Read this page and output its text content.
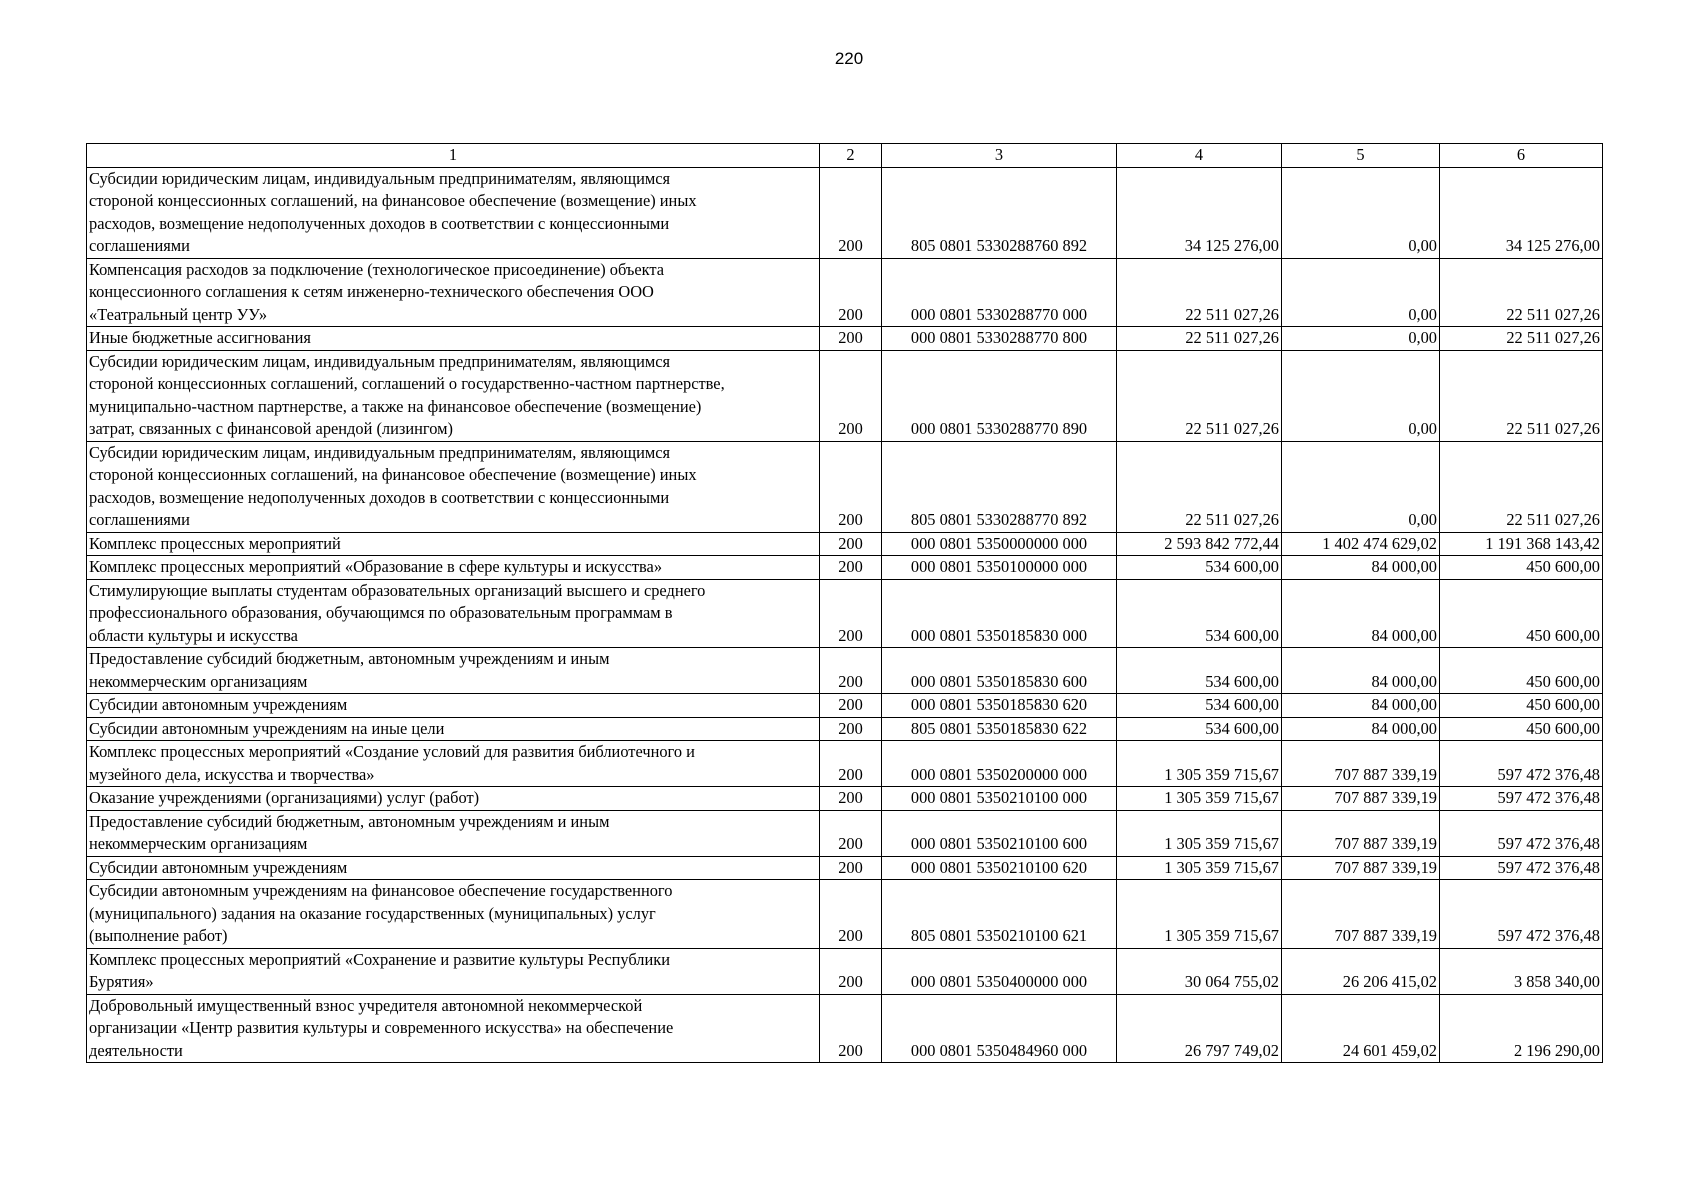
220
1	2	3	4	5	6

Субсидии юридическим лицам, индивидуальным предпринимателям, являющимся
стороной концессионных соглашений, на финансовое обеспечение (возмещение) иных
расходов, возмещение недополученных доходов в соответствии с концессионными
соглашениями	200	805 0801 5330288760 892	34 125 276,00	0,00	34 125 276,00

Компенсация расходов за подключение (технологическое присоединение) объекта
концессионного соглашения к сетям инженерно-технического обеспечения ООО
«Театральный центр УУ»	200	000 0801 5330288770 000	22 511 027,26	0,00	22 511 027,26

Иные бюджетные ассигнования	200	000 0801 5330288770 800	22 511 027,26	0,00	22 511 027,26

Субсидии юридическим лицам, индивидуальным предпринимателям, являющимся
стороной концессионных соглашений, соглашений о государственно-частном партнерстве,
муниципально-частном партнерстве, а также на финансовое обеспечение (возмещение)
затрат, связанных с финансовой арендой (лизингом)	200	000 0801 5330288770 890	22 511 027,26	0,00	22 511 027,26

Субсидии юридическим лицам, индивидуальным предпринимателям, являющимся
стороной концессионных соглашений, на финансовое обеспечение (возмещение) иных
расходов, возмещение недополученных доходов в соответствии с концессионными
соглашениями	200	805 0801 5330288770 892	22 511 027,26	0,00	22 511 027,26

Комплекс процессных мероприятий	200	000 0801 5350000000 000	2 593 842 772,44	1 402 474 629,02	1 191 368 143,42

Комплекс процессных мероприятий «Образование в сфере культуры и искусства»	200	000 0801 5350100000 000	534 600,00	84 000,00	450 600,00

Стимулирующие выплаты студентам образовательных организаций высшего и среднего
профессионального образования, обучающимся по образовательным программам в
области культуры и искусства	200	000 0801 5350185830 000	534 600,00	84 000,00	450 600,00

Предоставление субсидий бюджетным, автономным учреждениям и иным
некоммерческим организациям	200	000 0801 5350185830 600	534 600,00	84 000,00	450 600,00

Субсидии автономным учреждениям	200	000 0801 5350185830 620	534 600,00	84 000,00	450 600,00

Субсидии автономным учреждениям на иные цели	200	805 0801 5350185830 622	534 600,00	84 000,00	450 600,00

Комплекс процессных мероприятий «Создание условий для развития библиотечного и
музейного дела, искусства и творчества»	200	000 0801 5350200000 000	1 305 359 715,67	707 887 339,19	597 472 376,48

Оказание учреждениями (организациями) услуг (работ)	200	000 0801 5350210100 000	1 305 359 715,67	707 887 339,19	597 472 376,48

Предоставление субсидий бюджетным, автономным учреждениям и иным
некоммерческим организациям	200	000 0801 5350210100 600	1 305 359 715,67	707 887 339,19	597 472 376,48

Субсидии автономным учреждениям	200	000 0801 5350210100 620	1 305 359 715,67	707 887 339,19	597 472 376,48

Субсидии автономным учреждениям на финансовое обеспечение государственного
(муниципального) задания на оказание государственных (муниципальных) услуг
(выполнение работ)	200	805 0801 5350210100 621	1 305 359 715,67	707 887 339,19	597 472 376,48

Комплекс процессных мероприятий «Сохранение и развитие культуры Республики
Бурятия»	200	000 0801 5350400000 000	30 064 755,02	26 206 415,02	3 858 340,00

Добровольный имущественный взнос учредителя автономной некоммерческой
организации «Центр развития культуры и современного искусства» на обеспечение
деятельности	200	000 0801 5350484960 000	26 797 749,02	24 601 459,02	2 196 290,00
